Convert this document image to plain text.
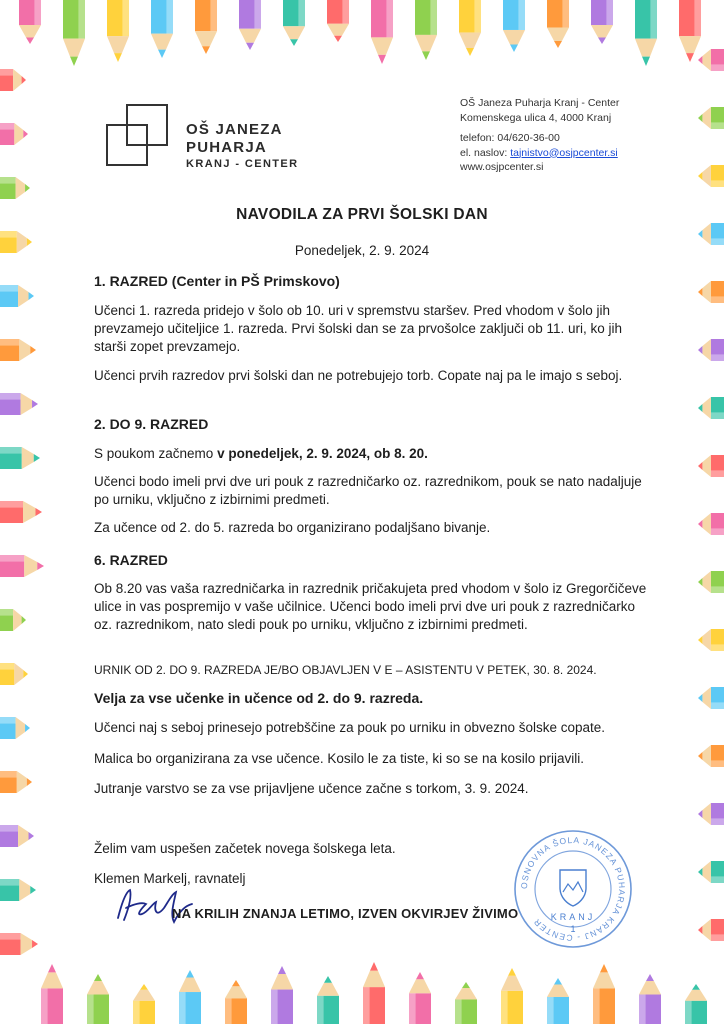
OŠ JANEZA
PUHARJA
KRANJ - CENTER
OŠ Janeza Puharja Kranj - Center
Komenskega ulica 4, 4000 Kranj
telefon: 04/620-36-00
el. naslov: tajnistvo@osjpcenter.si
www.osjpcenter.si
NAVODILA ZA PRVI ŠOLSKI DAN
Ponedeljek, 2. 9. 2024
1. RAZRED (Center in PŠ Primskovo)
Učenci 1. razreda pridejo v šolo ob 10. uri v spremstvu staršev. Pred vhodom v šolo jih prevzamejo učiteljice 1. razreda. Prvi šolski dan se za prvošolce zaključi ob 11. uri, ko jih starši zopet prevzamejo.
Učenci prvih razredov prvi šolski dan ne potrebujejo torb. Copate naj pa le imajo s seboj.
2. DO 9. RAZRED
S poukom začnemo v ponedeljek, 2. 9. 2024, ob 8. 20.
Učenci bodo imeli prvi dve uri pouk z razredničarko oz. razrednikom, pouk se nato nadaljuje po urniku, vključno z izbirnimi predmeti.
Za učence od 2. do 5. razreda bo organizirano podaljšano bivanje.
6. RAZRED
Ob 8.20 vas vaša razredničarka in razrednik pričakujeta pred vhodom v šolo iz Gregorčičeve ulice in vas pospremijo v vaše učilnice. Učenci bodo imeli prvi dve uri pouk z razredničarko oz. razrednikom, nato sledi pouk po urniku, vključno z izbirnimi predmeti.
URNIK OD 2. DO 9. RAZREDA JE/BO OBJAVLJEN V E – ASISTENTU V PETEK, 30. 8. 2024.
Velja za vse učenke in učence od 2. do 9. razreda.
Učenci naj s seboj prinesejo potrebščine za pouk po urniku in obvezno šolske copate.
Malica bo organizirana za vse učence. Kosilo le za tiste, ki so se na kosilo prijavili.
Jutranje varstvo se za vse prijavljene učence začne s torkom, 3. 9. 2024.
Želim vam uspešen začetek novega šolskega leta.
Klemen Markelj, ravnatelj
NA KRILIH ZNANJA LETIMO, IZVEN OKVIRJEV ŽIVIMO
OSNOVNA ŠOLA JANEZA PUHARJA KRANJ - CENTER KRANJ
1
